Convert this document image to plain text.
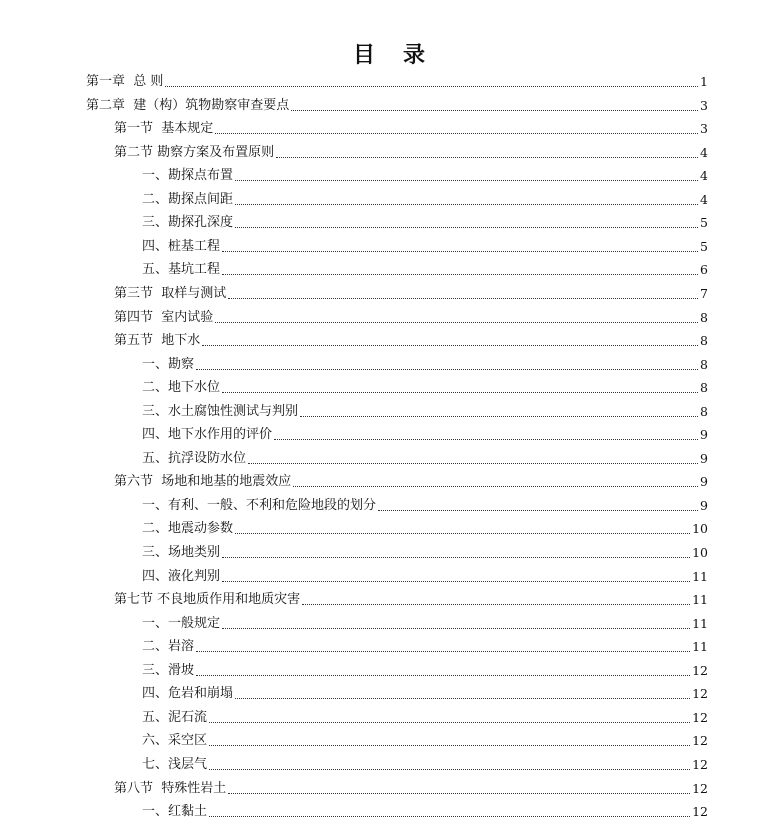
目 录
第一章  总 则	1
第二章  建（构）筑物勘察审查要点	3
第一节  基本规定	3
第二节 勘察方案及布置原则	4
一、勘探点布置	4
二、勘探点间距	4
三、勘探孔深度	5
四、桩基工程	5
五、基坑工程	6
第三节  取样与测试	7
第四节  室内试验	8
第五节  地下水	8
一、勘察	8
二、地下水位	8
三、水土腐蚀性测试与判别	8
四、地下水作用的评价	9
五、抗浮设防水位	9
第六节  场地和地基的地震效应	9
一、有利、一般、不利和危险地段的划分	9
二、地震动参数	10
三、场地类别	10
四、液化判别	11
第七节 不良地质作用和地质灾害	11
一、一般规定	11
二、岩溶	11
三、滑坡	12
四、危岩和崩塌	12
五、泥石流	12
六、采空区	12
七、浅层气	12
第八节  特殊性岩土	12
一、红黏土	12
